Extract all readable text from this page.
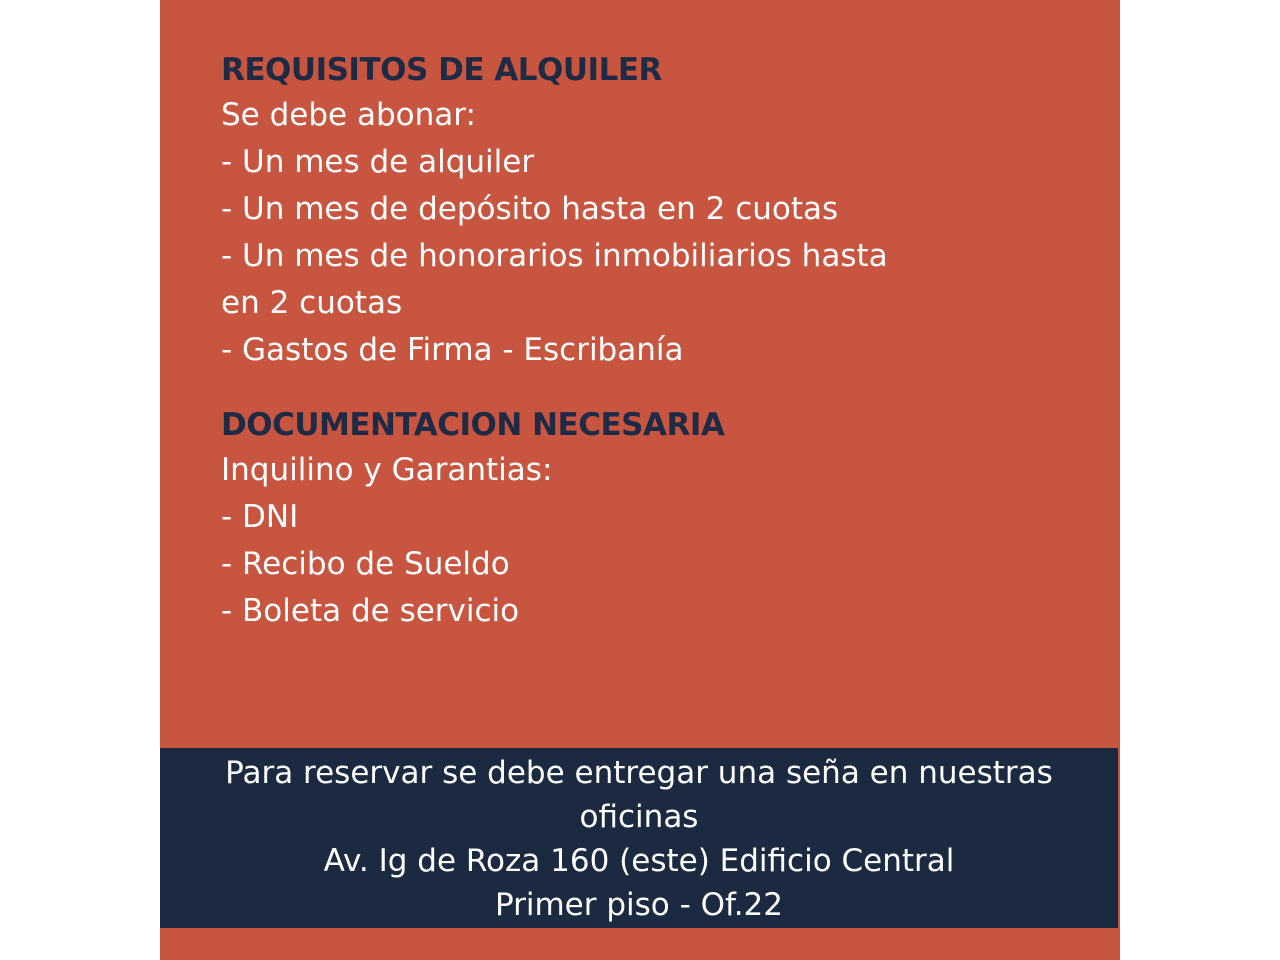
REQUISITOS DE ALQUILER

Se debe abonar:

- Un mes de alquiler

- Un mes de depósito hasta en 2 cuotas

- Un mes de honorarios inmobiliarios hasta

en 2 cuotas

- Gastos de Firma - Escribanía

DOCUMENTACION NECESARIA

Inquilino y Garantias:

- DNI

- Recibo de Sueldo

- Boleta de servicio

Para reservar se debe entregar una seña en nuestras

oficinas

Av. Ig de Roza 160 (este) Edificio Central

Primer piso - Of.22
